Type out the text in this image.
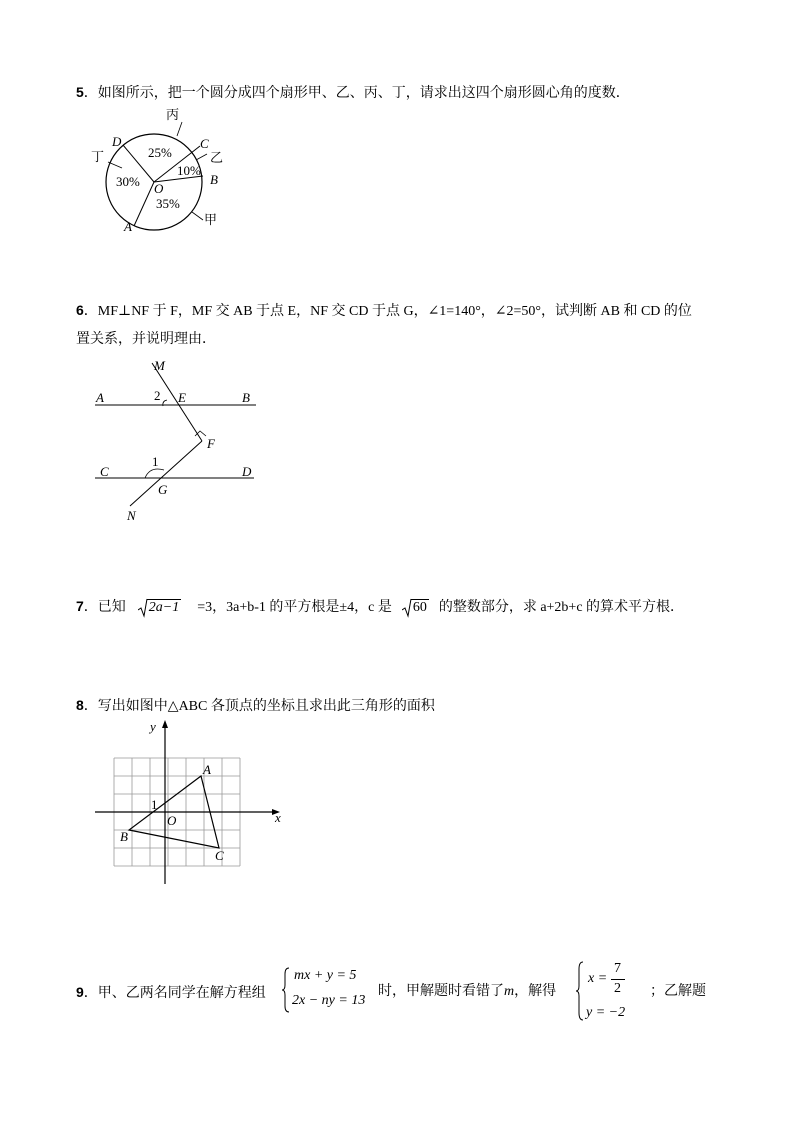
5．如图所示，把一个圆分成四个扇形甲、乙、丙、丁，请求出这四个扇形圆心角的度数．
丙
乙
甲
丁	25%
10%
35%
30%
D	C
B
O
A
6．MF⊥NF 于 F，MF 交 AB 于点 E，NF 交 CD 于点 G，∠1=140°，∠2=50°，试判断 AB 和 CD 的位
置关系，并说明理由．
M
A	E	B
F
C	D
G
N
2
1
7．已知 2a−1 =3，3a+b-1 的平方根是±4，c 是 60 的整数部分，求 a+2b+c 的算术平方根．
8．写出如图中△ABC 各顶点的坐标且求出此三角形的面积
x
y
O
1
A
B
C
9．甲、乙两名同学在解方程组
mx + y = 5
2x − ny = 13
时，甲解题时看错了m，解得
x =
7
2
y = −2
；乙解题
